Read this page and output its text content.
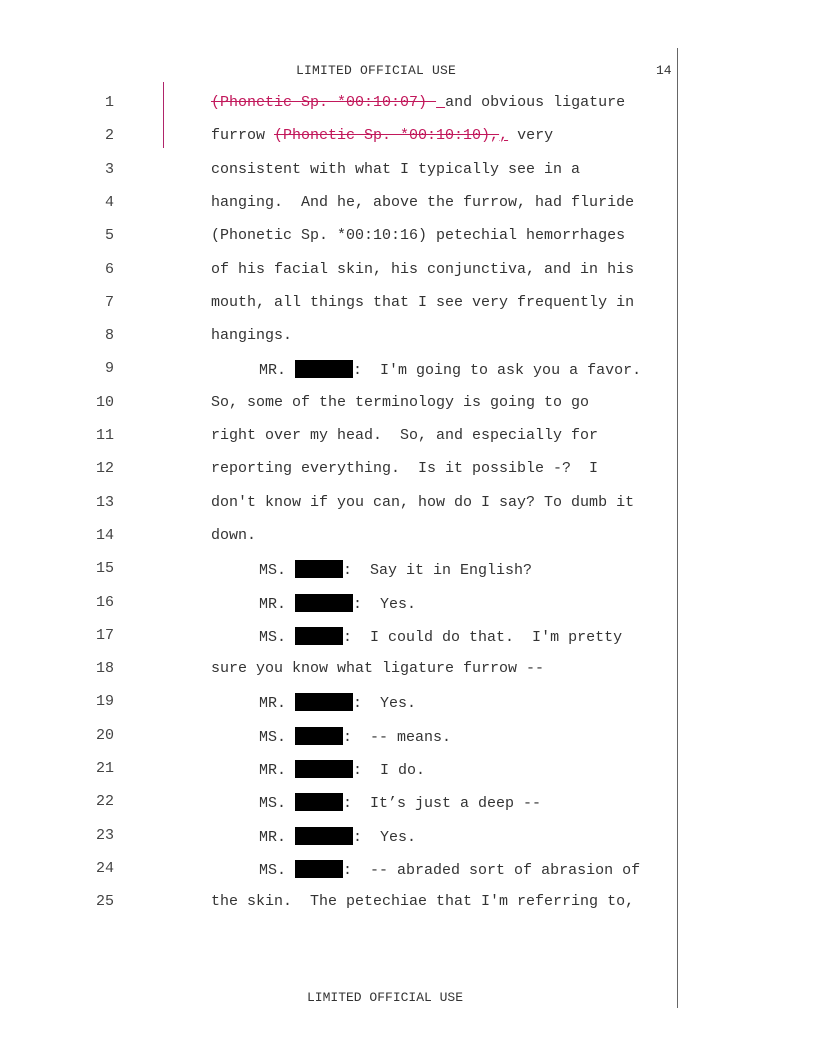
LIMITED OFFICIAL USE	14
1	(Phonetic Sp. *00:10:07)  and obvious ligature
2	furrow (Phonetic Sp. *00:10:10),, very
3	consistent with what I typically see in a
4	hanging.  And he, above the furrow, had fluride
5	(Phonetic Sp. *00:10:16) petechial hemorrhages
6	of his facial skin, his conjunctiva, and in his
7	mouth, all things that I see very frequently in
8	hangings.
9	MR.	:  I'm going to ask you a favor.
10	So, some of the terminology is going to go
11	right over my head.  So, and especially for
12	reporting everything.  Is it possible -?  I
13	don't know if you can, how do I say? To dumb it
14	down.
15	MS.	:  Say it in English?
16	MR.	:  Yes.
17	MS.	:  I could do that.  I'm pretty
18	sure you know what ligature furrow --
19	MR.	:  Yes.
20	MS.	:  -- means.
21	MR.	:  I do.
22	MS.	:  It’s just a deep --
23	MR.	:  Yes.
24	MS.	:  -- abraded sort of abrasion of
25	the skin.  The petechiae that I'm referring to,
LIMITED OFFICIAL USE
